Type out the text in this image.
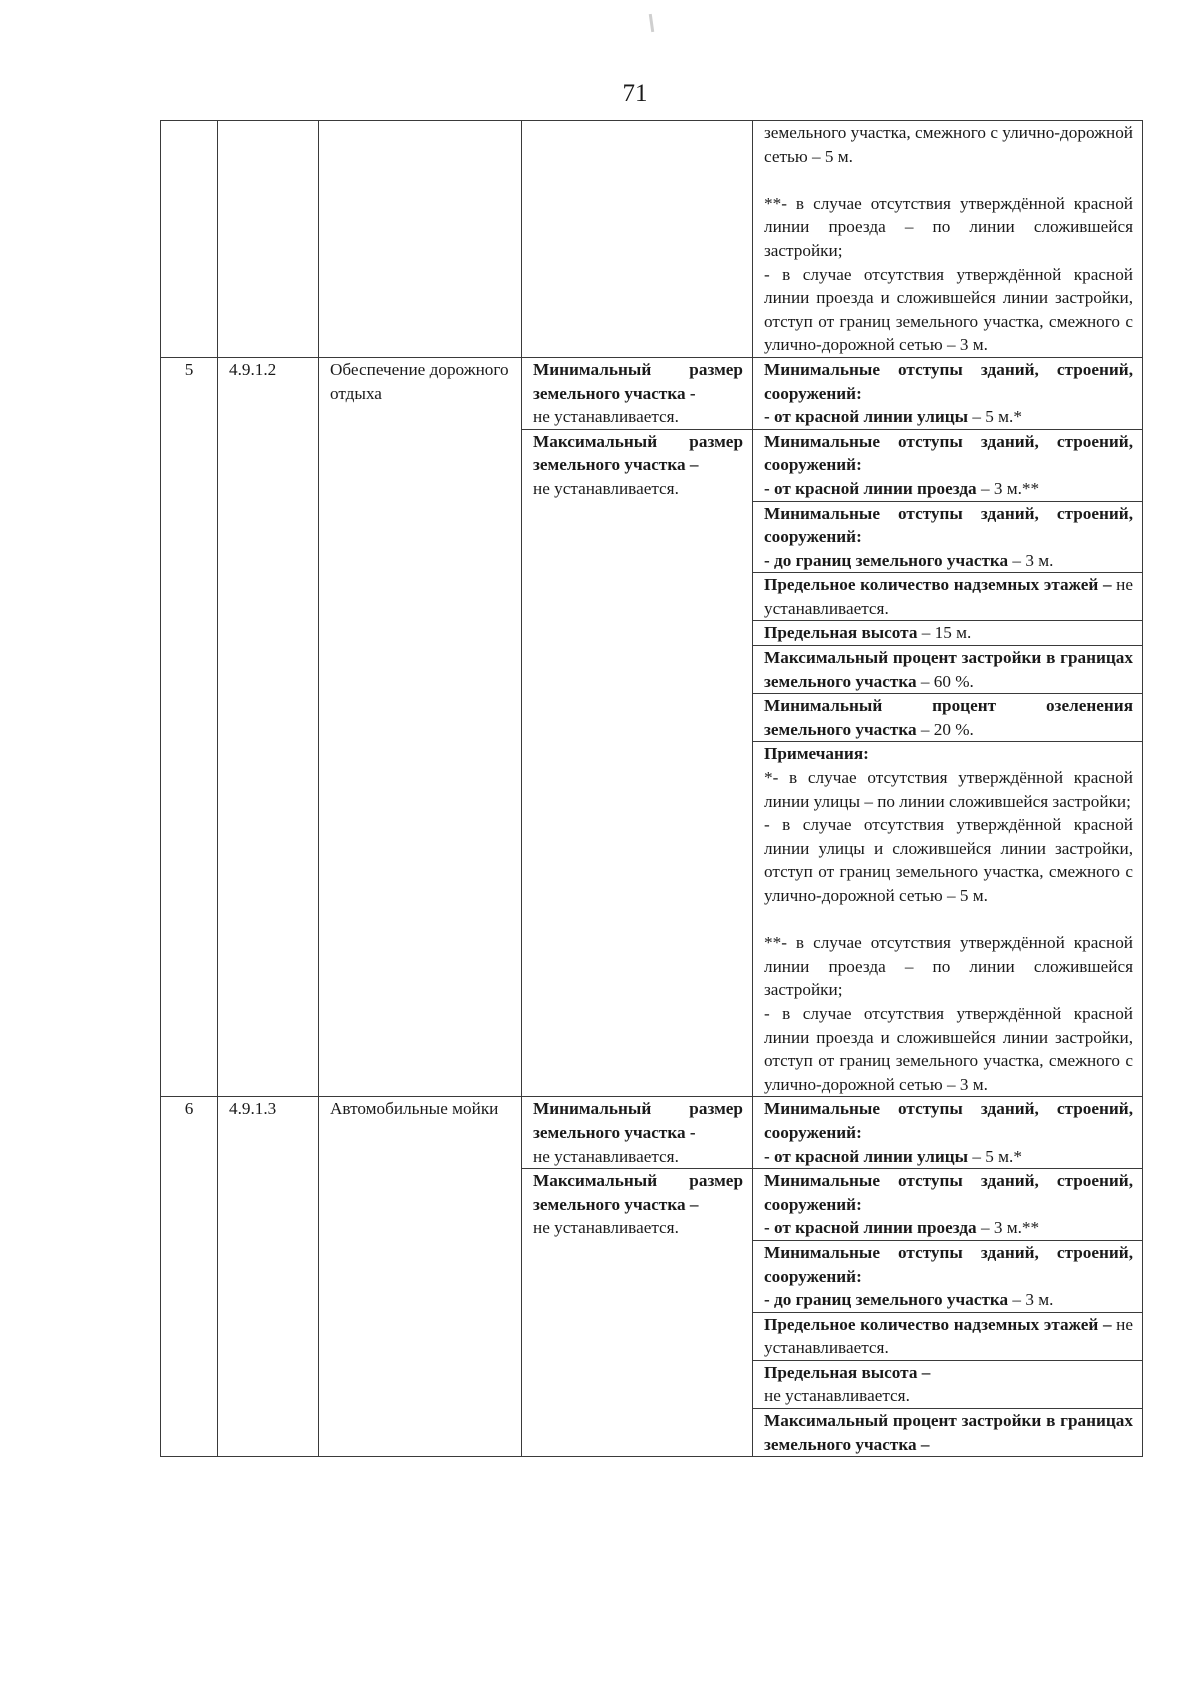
71

				земельного участка, смежного с улично-дорожной сетью – 5 м.
**- в случае отсутствия утверждённой красной линии проезда – по линии сложившейся застройки;
- в случае отсутствия утверждённой красной линии проезда и сложившейся линии застройки, отступ от границ земельного участка, смежного с улично-дорожной сетью – 3 м.

5	4.9.1.2	Обеспечение дорожного отдыха	Минимальный размер земельного участка -
не устанавливается.	Минимальные отступы зданий, строений, сооружений:
- от красной линии улицы – 5 м.*
			Максимальный размер земельного участка –
не устанавливается.	Минимальные отступы зданий, строений, сооружений:
- от красной линии проезда – 3 м.**
				Минимальные отступы зданий, строений, сооружений:
- до границ земельного участка – 3 м.
				Предельное количество надземных этажей – не устанавливается.
				Предельная высота – 15 м.
				Максимальный процент застройки в границах земельного участка – 60 %.
				Минимальный процент озеленения земельного участка – 20 %.

				Примечания:
*- в случае отсутствия утверждённой красной линии улицы – по линии сложившейся застройки;
- в случае отсутствия утверждённой красной линии улицы и сложившейся линии застройки, отступ от границ земельного участка, смежного с улично-дорожной сетью – 5 м.
**- в случае отсутствия утверждённой красной линии проезда – по линии сложившейся застройки;
- в случае отсутствия утверждённой красной линии проезда и сложившейся линии застройки, отступ от границ земельного участка, смежного с улично-дорожной сетью – 3 м.

6	4.9.1.3	Автомобильные мойки	Минимальный размер земельного участка -
не устанавливается.	Минимальные отступы зданий, строений, сооружений:
- от красной линии улицы – 5 м.*
			Максимальный размер земельного участка –
не устанавливается.	Минимальные отступы зданий, строений, сооружений:
- от красной линии проезда – 3 м.**
				Минимальные отступы зданий, строений, сооружений:
- до границ земельного участка – 3 м.
				Предельное количество надземных этажей – не устанавливается.
				Предельная высота –
не устанавливается.
				Максимальный процент застройки в границах земельного участка –
